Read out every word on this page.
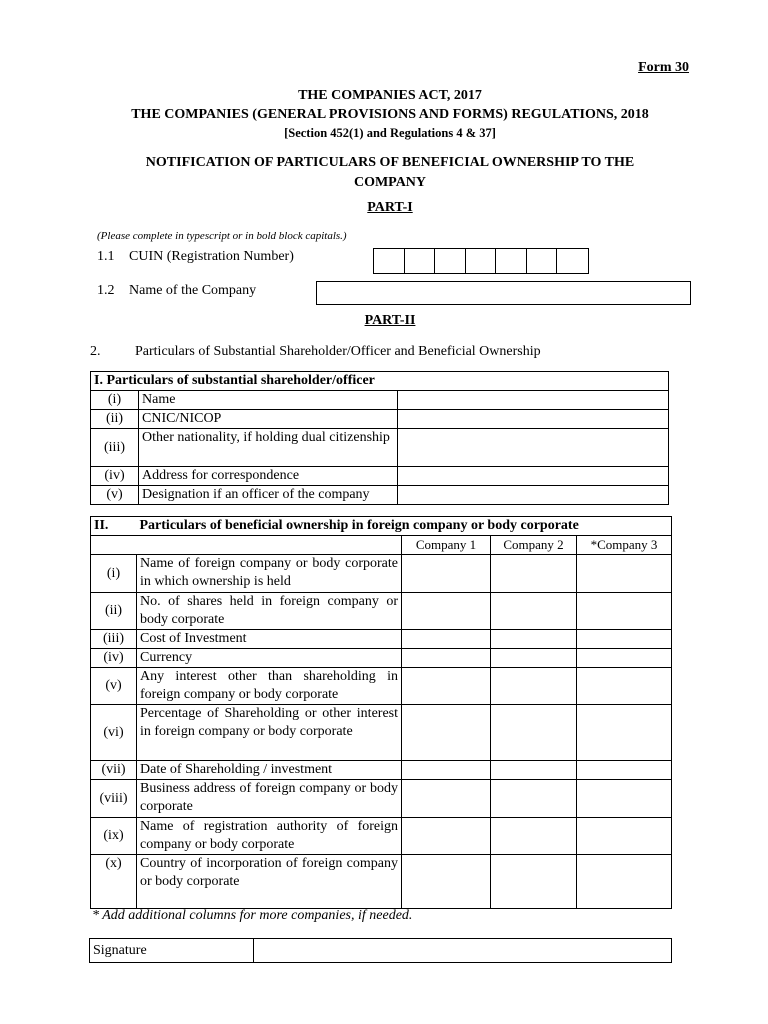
Form 30
THE COMPANIES ACT, 2017
THE COMPANIES (GENERAL PROVISIONS AND FORMS) REGULATIONS, 2018
[Section 452(1) and Regulations 4 & 37]
NOTIFICATION OF PARTICULARS OF BENEFICIAL OWNERSHIP TO THE
COMPANY
PART-I
(Please complete in typescript or in bold block capitals.)
1.1 CUIN (Registration Number)
1.2 Name of the Company
PART-II
2. Particulars of Substantial Shareholder/Officer and Beneficial Ownership
I. Particulars of substantial shareholder/officer		
(i)	Name	
(ii)	CNIC/NICOP	
(iii)	Other nationality, if holding dual citizenship	
(iv)	Address for correspondence	
(v)	Designation if an officer of the company	
II.	Particulars of beneficial ownership in foreign company or body corporate			
		Company 1	Company 2	*Company 3
(i)	Name of foreign company or body corporate in which ownership is held			
(ii)	No. of shares held in foreign company or body corporate			
(iii)	Cost of Investment			
(iv)	Currency			
(v)	Any interest other than shareholding in foreign company or body corporate			
(vi)	Percentage of Shareholding or other interest in foreign company or body corporate			
(vii)	Date of Shareholding / investment			
(viii)	Business address of foreign company or body corporate			
(ix)	Name of registration authority of foreign company or body corporate			
(x)	Country of incorporation of foreign company or body corporate			
* Add additional columns for more companies, if needed.
Signature	
